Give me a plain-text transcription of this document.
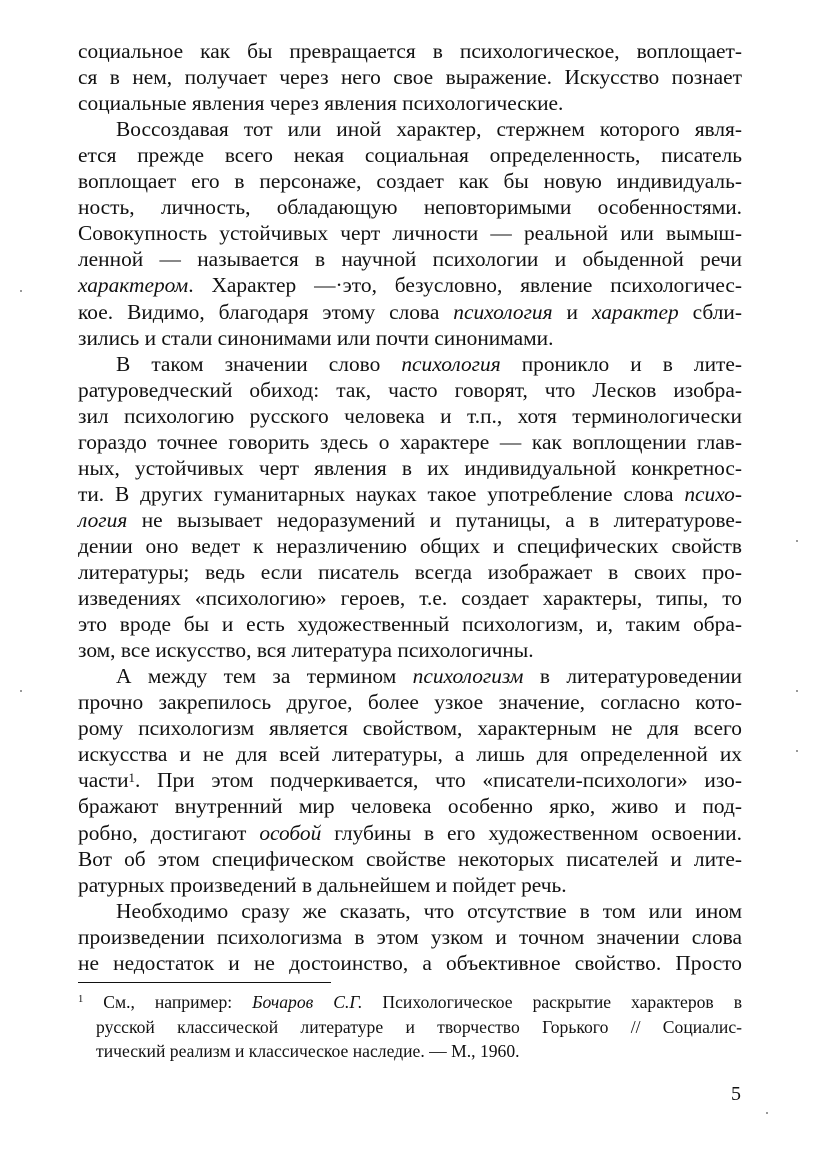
социальное как бы превращается в психологическое, воплощает-
ся в нем, получает через него свое выражение. Искусство познает
социальные явления через явления психологические.
Воссоздавая тот или иной характер, стержнем которого явля-
ется прежде всего некая социальная определенность, писатель
воплощает его в персонаже, создает как бы новую индивидуаль-
ность, личность, обладающую неповторимыми особенностями.
Совокупность устойчивых черт личности — реальной или вымыш-
ленной — называется в научной психологии и обыденной речи
характером. Характер —·это, безусловно, явление психологичес-
кое. Видимо, благодаря этому слова психология и характер сбли-
зились и стали синонимами или почти синонимами.
В таком значении слово психология проникло и в лите-
ратуроведческий обиход: так, часто говорят, что Лесков изобра-
зил психологию русского человека и т.п., хотя терминологически
гораздо точнее говорить здесь о характере — как воплощении глав-
ных, устойчивых черт явления в их индивидуальной конкретнос-
ти. В других гуманитарных науках такое употребление слова психо-
логия не вызывает недоразумений и путаницы, а в литературове-
дении оно ведет к неразличению общих и специфических свойств
литературы; ведь если писатель всегда изображает в своих про-
изведениях «психологию» героев, т.е. создает характеры, типы, то
это вроде бы и есть художественный психологизм, и, таким обра-
зом, все искусство, вся литература психологичны.
А между тем за термином психологизм в литературоведении
прочно закрепилось другое, более узкое значение, согласно кото-
рому психологизм является свойством, характерным не для всего
искусства и не для всей литературы, а лишь для определенной их
части$^1$. При этом подчеркивается, что «писатели-психологи» изо-
бражают внутренний мир человека особенно ярко, живо и под-
робно, достигают особой глубины в его художественном освоении.
Вот об этом специфическом свойстве некоторых писателей и лите-
ратурных произведений в дальнейшем и пойдет речь.
Необходимо сразу же сказать, что отсутствие в том или ином
произведении психологизма в этом узком и точном значении слова
не недостаток и не достоинство, а объективное свойство. Просто
$^1$ См., например: Бочаров С.Г. Психологическое раскрытие характеров в
русской классической литературе и творчество Горького // Социалис-
тический реализм и классическое наследие. — М., 1960.
5
